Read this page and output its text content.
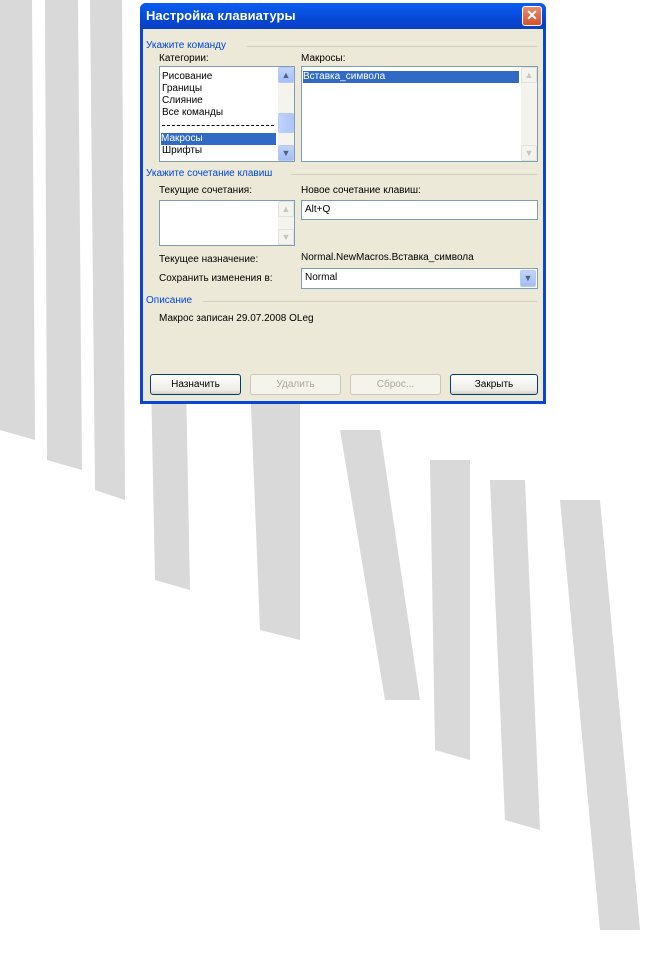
Настройка клавиатуры	✕
Укажите команду
Категории:
Рисование
Границы
Слияние
Все команды
Макросы
Шрифты
▲
▼
Макросы:
Вставка_символа	▲
▼
Укажите сочетание клавиш
Текущие сочетания:
▲
▼
Новое сочетание клавиш:
Alt+Q
Текущее назначение:	Normal.NewMacros.Вставка_символа
Сохранить изменения в:	Normal	▼
Описание
Макрос записан 29.07.2008 OLeg
Назначить	Удалить	Сброс...	Закрыть
